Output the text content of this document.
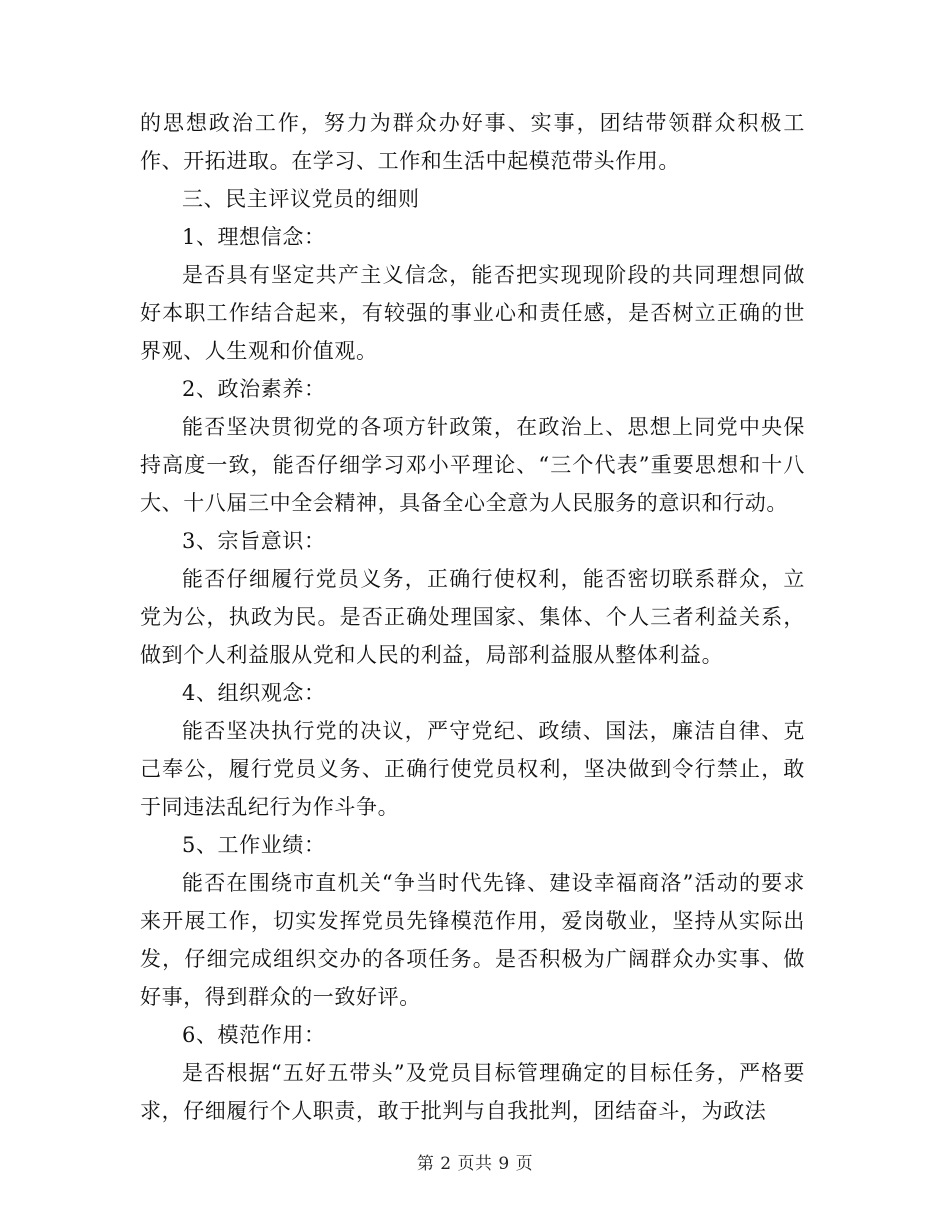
的思想政治工作，努力为群众办好事、实事，团结带领群众积极工作、开拓进取。在学习、工作和生活中起模范带头作用。

三、民主评议党员的细则

1、理想信念：

是否具有坚定共产主义信念，能否把实现现阶段的共同理想同做好本职工作结合起来，有较强的事业心和责任感，是否树立正确的世界观、人生观和价值观。

2、政治素养：

能否坚决贯彻党的各项方针政策，在政治上、思想上同党中央保持高度一致，能否仔细学习邓小平理论、“三个代表”重要思想和十八大、十八届三中全会精神，具备全心全意为人民服务的意识和行动。

3、宗旨意识：

能否仔细履行党员义务，正确行使权利，能否密切联系群众，立党为公，执政为民。是否正确处理国家、集体、个人三者利益关系，做到个人利益服从党和人民的利益，局部利益服从整体利益。

4、组织观念：

能否坚决执行党的决议，严守党纪、政绩、国法，廉洁自律、克己奉公，履行党员义务、正确行使党员权利，坚决做到令行禁止，敢于同违法乱纪行为作斗争。

5、工作业绩：

能否在围绕市直机关“争当时代先锋、建设幸福商洛”活动的要求来开展工作，切实发挥党员先锋模范作用，爱岗敬业，坚持从实际出发，仔细完成组织交办的各项任务。是否积极为广阔群众办实事、做好事，得到群众的一致好评。

6、模范作用：

是否根据“五好五带头”及党员目标管理确定的目标任务，严格要求，仔细履行个人职责，敢于批判与自我批判，团结奋斗，为政法

第 2 页共 9 页
